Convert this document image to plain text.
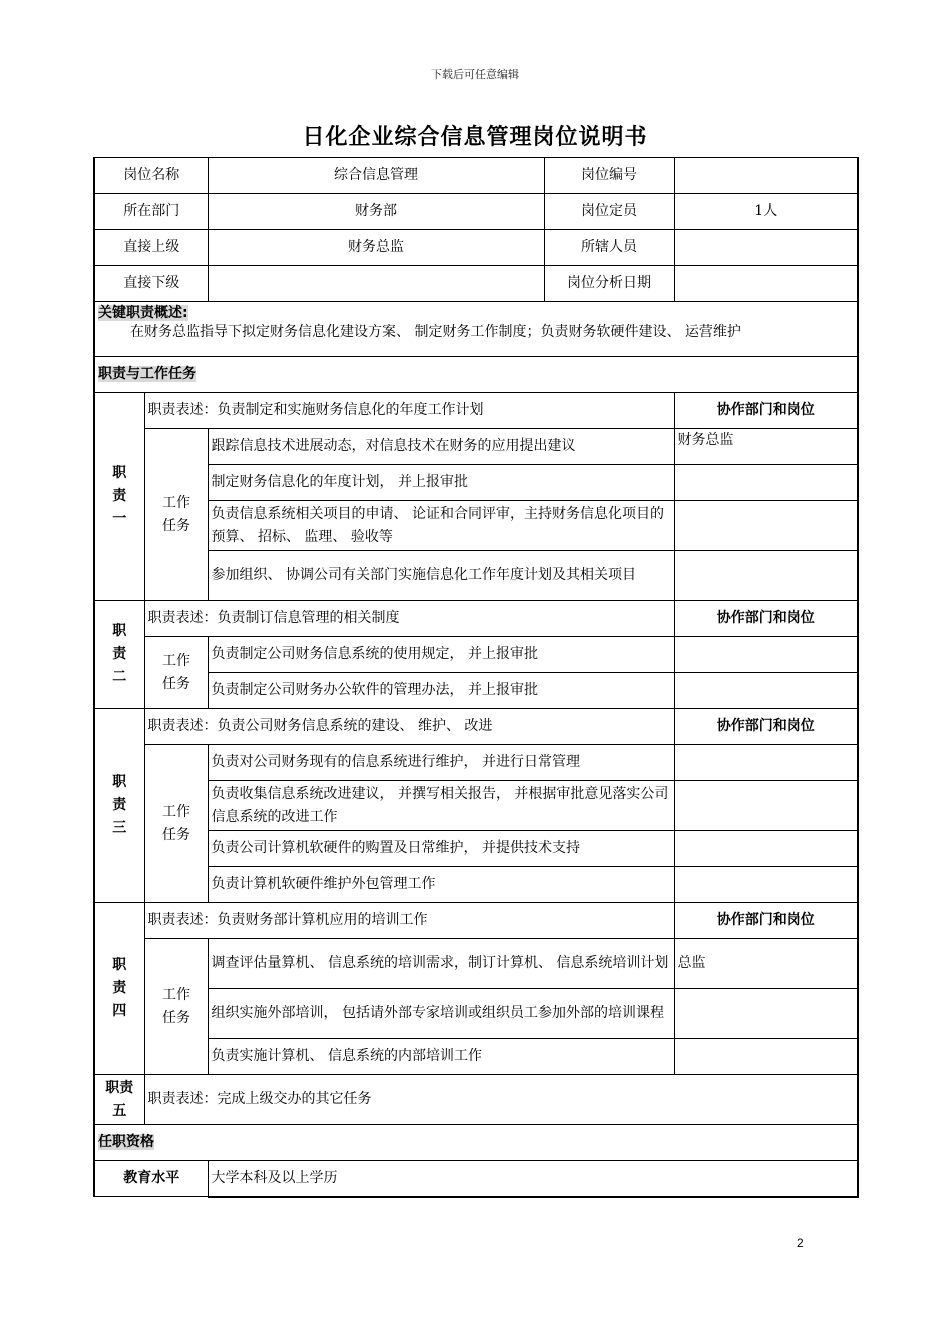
下载后可任意编辑
日化企业综合信息管理岗位说明书
岗位名称		综合信息管理	岗位编号	
所在部门		财务部	岗位定员	1人
直接上级		财务总监	所辖人员	
直接下级			岗位分析日期	

关键职责概述:
在财务总监指导下拟定财务信息化建设方案、 制定财务工作制度；负责财务软硬件建设、 运营维护				

职责与工作任务				
职责一	职责表述：负责制定和实施财务信息化的年度工作计划			协作部门和岗位
	工作任务	跟踪信息技术进展动态，对信息技术在财务的应用提出建议		财务总监
		制定财务信息化的年度计划， 并上报审批		
		负责信息系统相关项目的申请、 论证和合同评审，主持财务信息化项目的预算、 招标、 监理、 验收等		
		参加组织、 协调公司有关部门实施信息化工作年度计划及其相关项目		
职责二	职责表述：负责制订信息管理的相关制度			协作部门和岗位
	工作任务	负责制定公司财务信息系统的使用规定， 并上报审批		
		负责制定公司财务办公软件的管理办法， 并上报审批		
职责三	职责表述：负责公司财务信息系统的建设、 维护、 改进			协作部门和岗位
	工作任务	负责对公司财务现有的信息系统进行维护， 并进行日常管理		
		负责收集信息系统改进建议， 并撰写相关报告， 并根据审批意见落实公司信息系统的改进工作		
		负责公司计算机软硬件的购置及日常维护， 并提供技术支持		
		负责计算机软硬件维护外包管理工作		
职责四	职责表述：负责财务部计算机应用的培训工作			协作部门和岗位
	工作任务	调查评估量算机、 信息系统的培训需求，制订计算机、 信息系统培训计划		总监
		组织实施外部培训， 包括请外部专家培训或组织员工参加外部的培训课程		
		负责实施计算机、 信息系统的内部培训工作		
职责五	职责表述：完成上级交办的其它任务			
任职资格				
教育水平		大学本科及以上学历		
2
